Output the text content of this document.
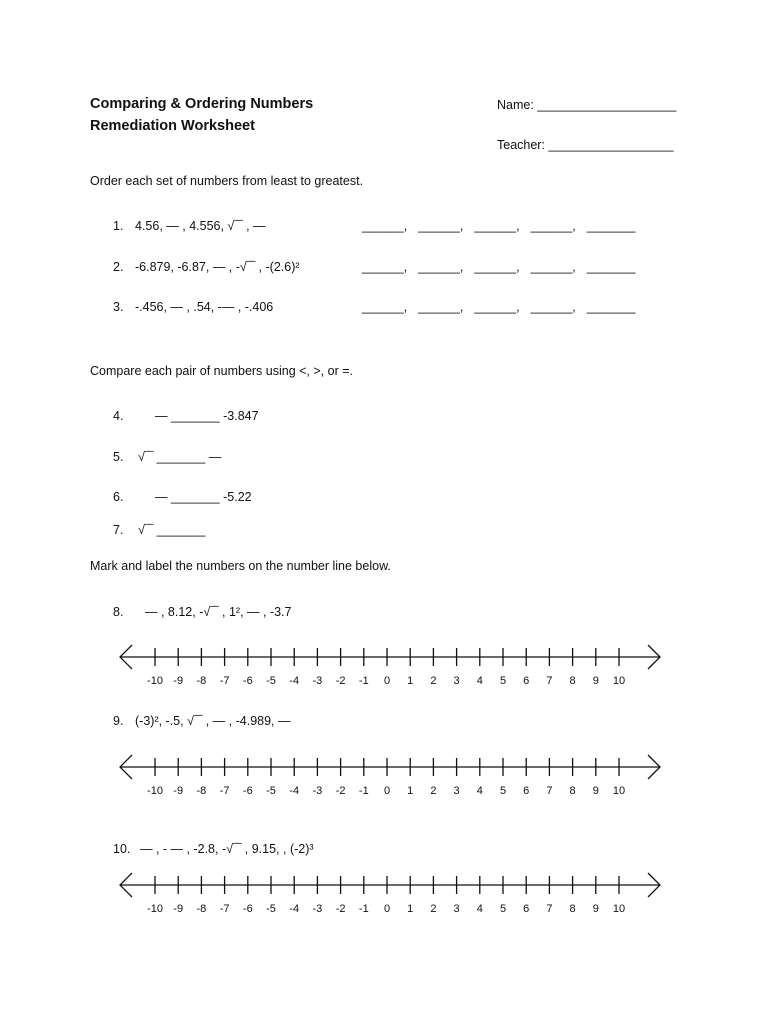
Comparing & Ordering Numbers
Remediation Worksheet
Name: ____________________
Teacher: __________________
Order each set of numbers from least to greatest.
1. 4.56, — , 4.556, √‾‾ , —	______, ______, ______, ______, _______
2. -6.879, -6.87, — , -√‾‾ , -(2.6)²	______, ______, ______, ______, _______
3. -.456, — , .54, -— , -.406	______, ______, ______, ______, _______
Compare each pair of numbers using <, >, or =.
4.	— _______ -3.847
5. √‾‾ _______ —
6.	— _______ -5.22
7. √‾‾ _______
Mark and label the numbers on the number line below.
8. — , 8.12, -√‾‾ , 1², — , -3.7
-10 -9 -8 -7 -6 -5 -4 -3 -2 -1 0 1 2 3 4 5 6 7 8 9 10
9. (-3)², -.5, √‾‾ , — , -4.989, —
-10 -9 -8 -7 -6 -5 -4 -3 -2 -1 0 1 2 3 4 5 6 7 8 9 10
10. — , - — , -2.8, -√‾‾ , 9.15, , (-2)³
-10 -9 -8 -7 -6 -5 -4 -3 -2 -1 0 1 2 3 4 5 6 7 8 9 10
